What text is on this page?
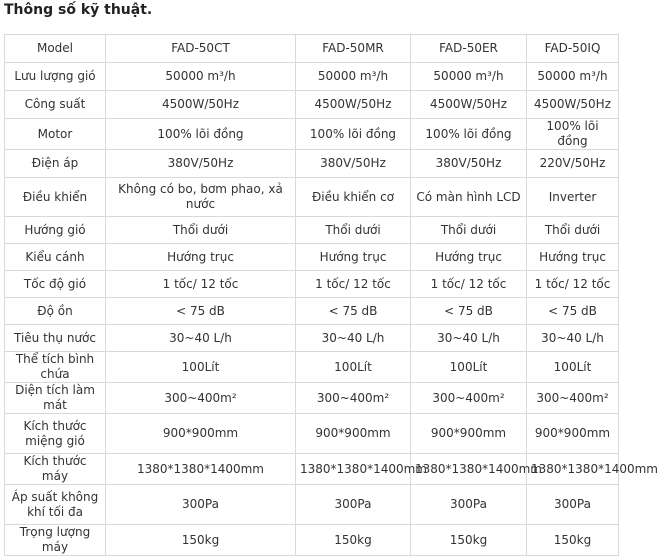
Thông số kỹ thuật.
Model	FAD-50CT	FAD-50MR	FAD-50ER	FAD-50IQ
Lưu lượng gió	50000 m³/h	50000 m³/h	50000 m³/h	50000 m³/h
Công suất	4500W/50Hz	4500W/50Hz	4500W/50Hz	4500W/50Hz
Motor	100% lõi đồng	100% lõi đồng	100% lõi đồng	100% lõi đồng
Điện áp	380V/50Hz	380V/50Hz	380V/50Hz	220V/50Hz
Điều khiển	Không có bo, bơm phao, xả nước	Điều khiển cơ	Có màn hình LCD	Inverter
Hướng gió	Thổi dưới	Thổi dưới	Thổi dưới	Thổi dưới
Kiểu cánh	Hướng trục	Hướng trục	Hướng trục	Hướng trục
Tốc độ gió	1 tốc/ 12 tốc	1 tốc/ 12 tốc	1 tốc/ 12 tốc	1 tốc/ 12 tốc
Độ ồn	< 75 dB	< 75 dB	< 75 dB	< 75 dB
Tiêu thụ nước	30~40 L/h	30~40 L/h	30~40 L/h	30~40 L/h
Thể tích bình chứa	100Lít	100Lít	100Lít	100Lít
Diện tích làm mát	300~400m²	300~400m²	300~400m²	300~400m²
Kích thước miệng gió	900*900mm	900*900mm	900*900mm	900*900mm
Kích thước máy	1380*1380*1400mm	1380*1380*1400mm	1380*1380*1400mm	1380*1380*1400mm
Áp suất không khí tối đa	300Pa	300Pa	300Pa	300Pa
Trọng lượng máy	150kg	150kg	150kg	150kg
